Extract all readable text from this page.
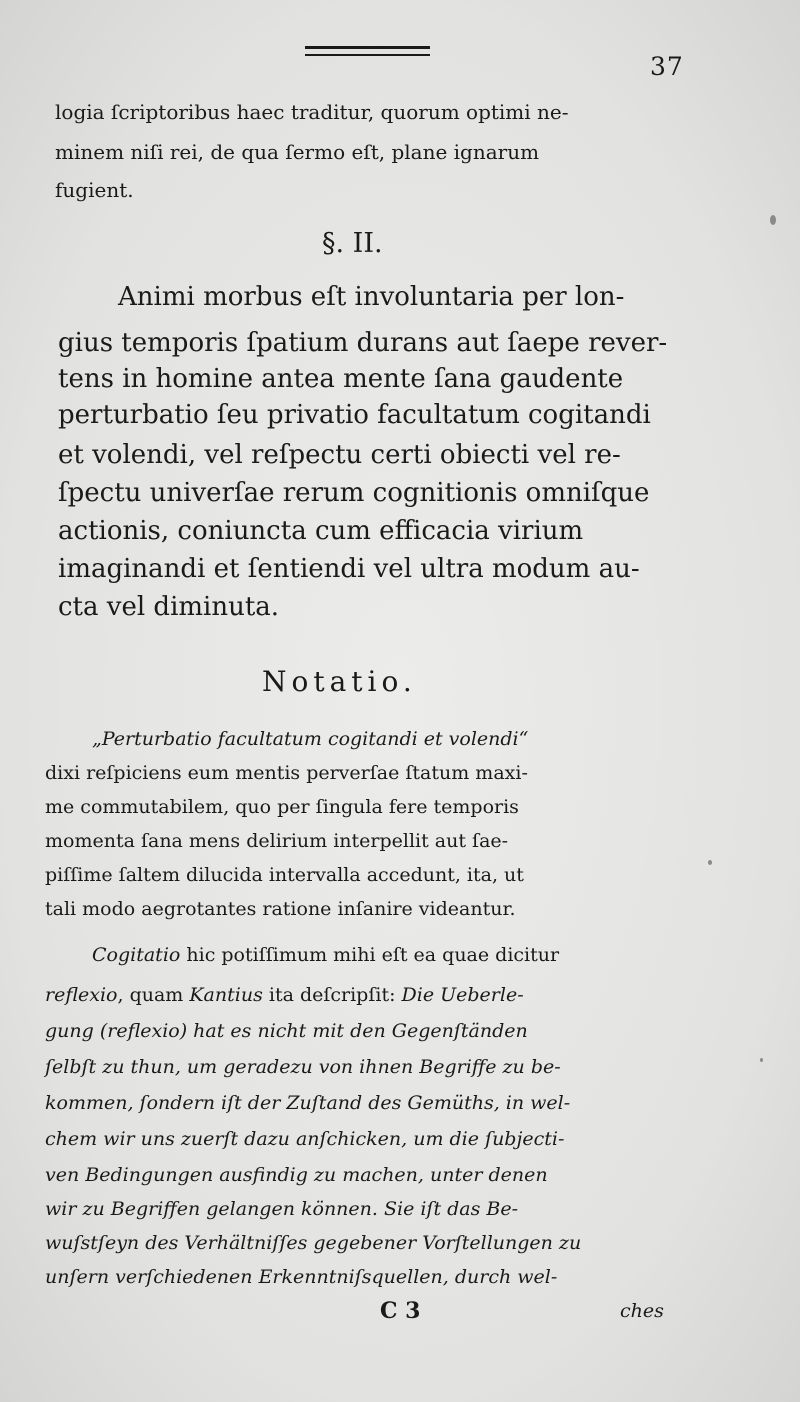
37
logia ſcriptoribus haec traditur, quorum optimi ne-
minem niſi rei, de qua ſermo eſt, plane ignarum
fugient.
§. II.
Animi morbus eſt involuntaria per lon-
gius temporis ſpatium durans aut ſaepe rever-
tens in homine antea mente ſana gaudente
perturbatio ſeu privatio facultatum cogitandi
et volendi, vel reſpectu certi obiecti vel re-
ſpectu univerſae rerum cognitionis omniſque
actionis, coniuncta cum efficacia virium
imaginandi et ſentiendi vel ultra modum au-
cta vel diminuta.
Notatio.
„Perturbatio facultatum cogitandi et volendi“
dixi reſpiciens eum mentis perverſae ſtatum maxi-
me commutabilem, quo per ſingula fere temporis
momenta ſana mens delirium interpellit aut ſae-
piſſime ſaltem dilucida intervalla accedunt, ita, ut
tali modo aegrotantes ratione inſanire videantur.
Cogitatio hic potiſſimum mihi eſt ea quae dicitur
reflexio, quam Kantius ita deſcripſit: Die Ueberle-
gung (reflexio) hat es nicht mit den Gegenſtänden
ſelbſt zu thun, um geradezu von ihnen Begriffe zu be-
kommen, ſondern iſt der Zuſtand des Gemüths, in wel-
chem wir uns zuerſt dazu anſchicken, um die ſubjecti-
ven Bedingungen ausfindig zu machen, unter denen
wir zu Begriffen gelangen können. Sie iſt das Be-
wuſstſeyn des Verhältniſſes gegebener Vorſtellungen zu
unſern verſchiedenen Erkenntniſsquellen, durch wel-
C 3	ches
